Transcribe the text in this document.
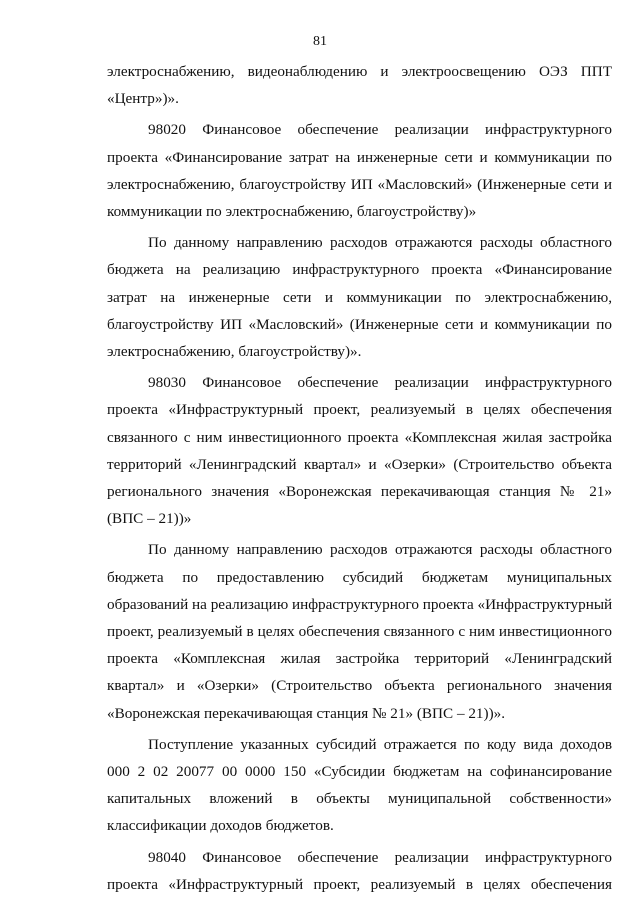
81
электроснабжению, видеонаблюдению и электроосвещению ОЭЗ ППТ
«Центр»)».
98020 Финансовое обеспечение реализации инфраструктурного
проекта «Финансирование затрат на инженерные сети и коммуникации по
электроснабжению, благоустройству ИП «Масловский» (Инженерные сети и
коммуникации по электроснабжению, благоустройству)»
По данному направлению расходов отражаются расходы областного
бюджета на реализацию инфраструктурного проекта «Финансирование
затрат на инженерные сети и коммуникации по электроснабжению,
благоустройству ИП «Масловский» (Инженерные сети и коммуникации по
электроснабжению, благоустройству)».
98030 Финансовое обеспечение реализации инфраструктурного
проекта «Инфраструктурный проект, реализуемый в целях обеспечения
связанного с ним инвестиционного проекта «Комплексная жилая застройка
территорий «Ленинградский квартал» и «Озерки» (Строительство объекта
регионального значения «Воронежская перекачивающая станция № 21»
(ВПС – 21))»
По данному направлению расходов отражаются расходы областного
бюджета по предоставлению субсидий бюджетам муниципальных
образований на реализацию инфраструктурного проекта «Инфраструктурный
проект, реализуемый в целях обеспечения связанного с ним инвестиционного
проекта «Комплексная жилая застройка территорий «Ленинградский
квартал» и «Озерки» (Строительство объекта регионального значения
«Воронежская перекачивающая станция № 21» (ВПС – 21))».
Поступление указанных субсидий отражается по коду вида доходов
000 2 02 20077 00 0000 150 «Субсидии бюджетам на софинансирование
капитальных вложений в объекты муниципальной собственности»
классификации доходов бюджетов.
98040 Финансовое обеспечение реализации инфраструктурного
проекта «Инфраструктурный проект, реализуемый в целях обеспечения
